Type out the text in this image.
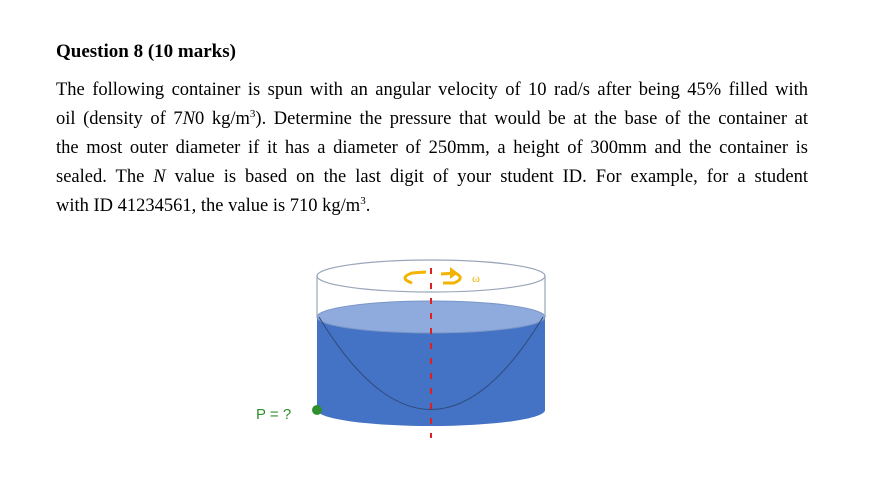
Question 8 (10 marks)
The following container is spun with an angular velocity of 10 rad/s after being 45% filled with
oil (density of 7N0 $kg/m^3$). Determine the pressure that would be at the base of the container at
the most outer diameter if it has a diameter of 250mm, a height of 300mm and the container is
sealed. The N value is based on the last digit of your student ID. For example, for a student
with ID 41234561, the value is 710 $kg/m^3$.
ω
P = ?
